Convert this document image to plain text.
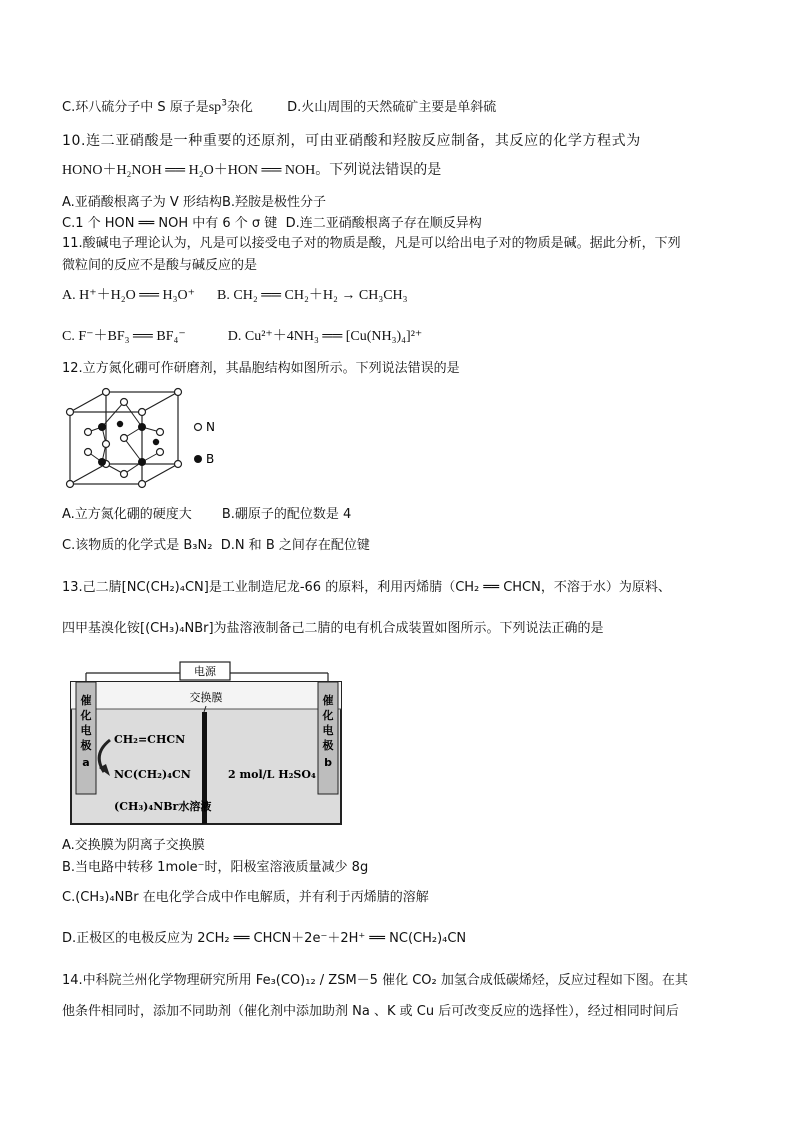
C.环八硫分子中 S 原子是$sp^3$杂化	D.火山周围的天然硫矿主要是单斜硫
10.连二亚硝酸是一种重要的还原剂，可由亚硝酸和羟胺反应制备，其反应的化学方程式为
HONO＋H₂NOH ══ H₂O＋HON ══ NOH。下列说法错误的是
A.亚硝酸根离子为 V 形结构B.羟胺是极性分子
C.1 个 HON ══ NOH 中有 6 个 σ 键 D.连二亚硝酸根离子存在顺反异构
11.酸碱电子理论认为，凡是可以接受电子对的物质是酸，凡是可以给出电子对的物质是碱。据此分析，下列
微粒间的反应不是酸与碱反应的是
A. H⁺＋H₂O ══ H₃O⁺ B. CH₂ ══ CH₂＋H₂ → CH₃CH₃
C. F⁻＋BF₃ ══ BF₄⁻	D. Cu²⁺＋4NH₃ ══ [Cu(NH₃)₄]²⁺
12.立方氮化硼可作研磨剂，其晶胞结构如图所示。下列说法错误的是
N
B
A.立方氮化硼的硬度大 B.硼原子的配位数是 4
C.该物质的化学式是 B₃N₂ D.N 和 B 之间存在配位键
13.己二腈[NC(CH₂)₄CN]是工业制造尼龙-66 的原料，利用丙烯腈（CH₂ ══ CHCN，不溶于水）为原料、
四甲基溴化铵[(CH₃)₄NBr]为盐溶液制备己二腈的电有机合成装置如图所示。下列说法正确的是
电源
交换膜
催
化
电
极
a
催
化
电
极
b
CH₂=CHCN
NC(CH₂)₄CN
(CH₃)₄NBr水溶液
2 mol/L H₂SO₄
A.交换膜为阴离子交换膜
B.当电路中转移 1mole⁻时，阳极室溶液质量减少 8g
C.(CH₃)₄NBr 在电化学合成中作电解质，并有利于丙烯腈的溶解
D.正极区的电极反应为 2CH₂ ══ CHCN＋2e⁻＋2H⁺ ══ NC(CH₂)₄CN
14.中科院兰州化学物理研究所用 Fe₃(CO)₁₂ / ZSM－5 催化 CO₂ 加氢合成低碳烯烃，反应过程如下图。在其
他条件相同时，添加不同助剂（催化剂中添加助剂 Na 、K 或 Cu 后可改变反应的选择性），经过相同时间后
